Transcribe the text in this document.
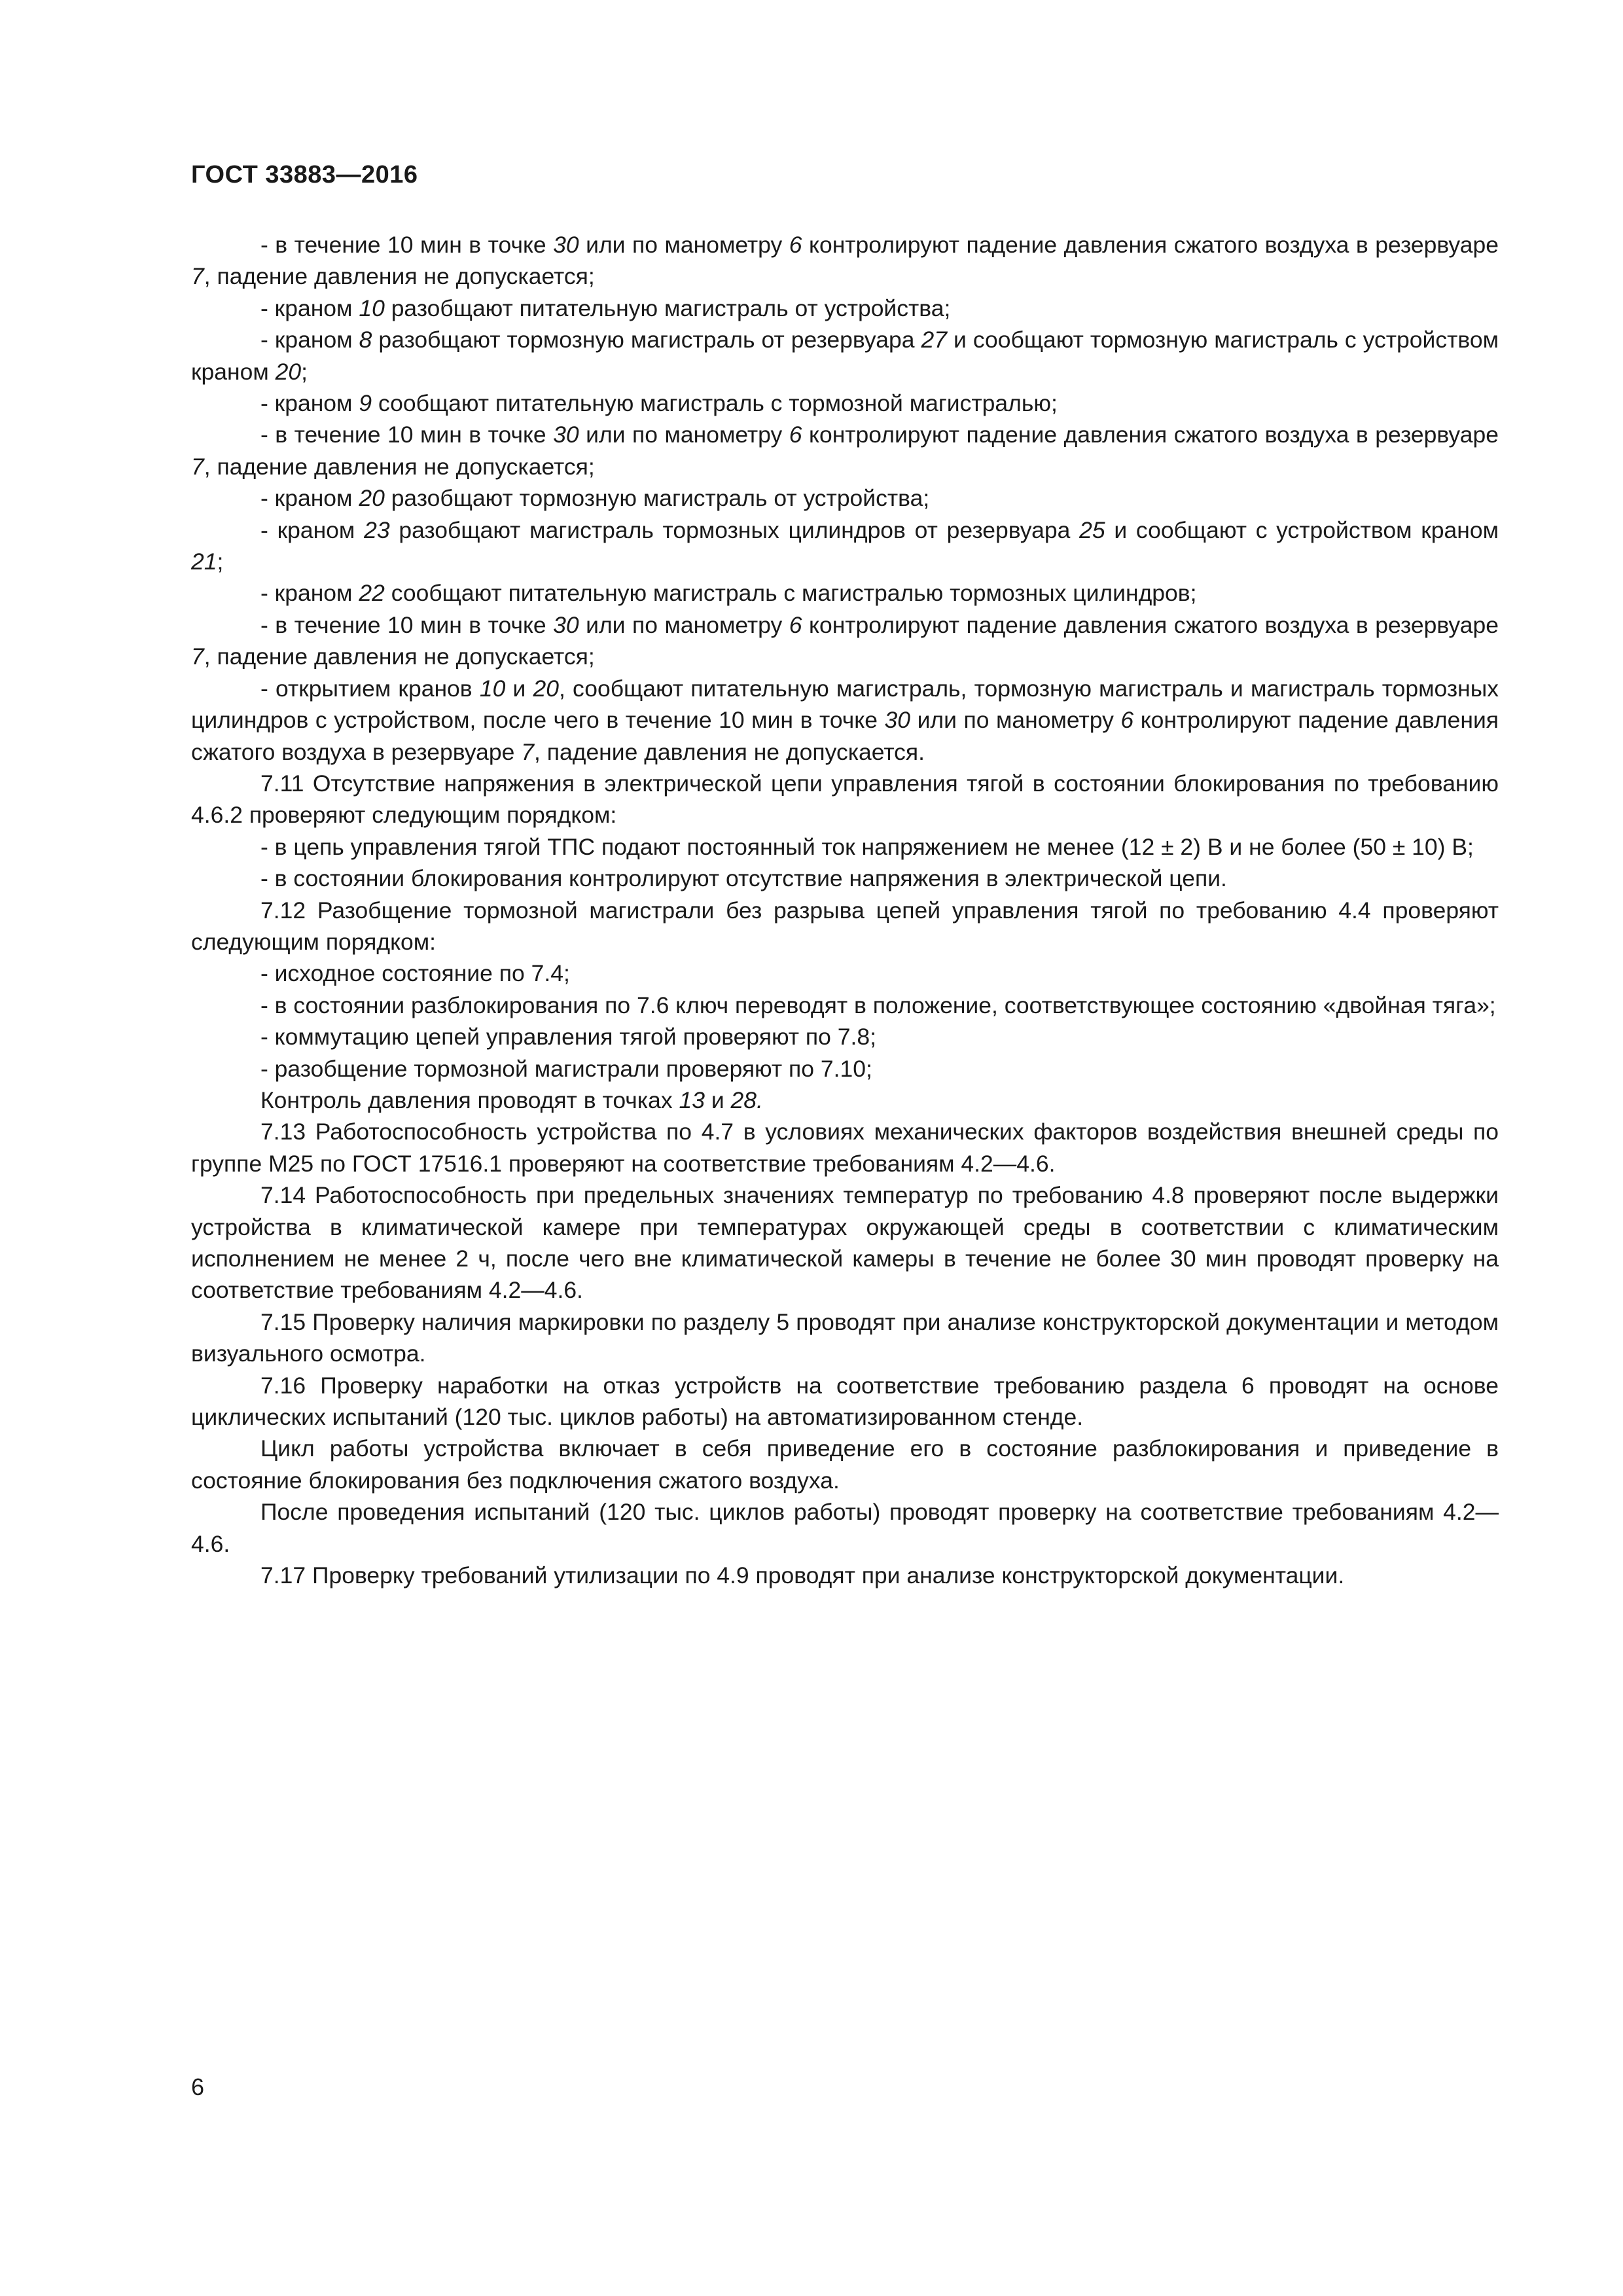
ГОСТ 33883—2016

- в течение 10 мин в точке 30 или по манометру 6 контролируют падение давления сжатого воздуха в резервуаре 7, падение давления не допускается;

- краном 10 разобщают питательную магистраль от устройства;

- краном 8 разобщают тормозную магистраль от резервуара 27 и сообщают тормозную магистраль с устройством краном 20;

- краном 9 сообщают питательную магистраль с тормозной магистралью;

- в течение 10 мин в точке 30 или по манометру 6 контролируют падение давления сжатого воздуха в резервуаре 7, падение давления не допускается;

- краном 20 разобщают тормозную магистраль от устройства;

- краном 23 разобщают магистраль тормозных цилиндров от резервуара 25 и сообщают с устройством краном 21;

- краном 22 сообщают питательную магистраль с магистралью тормозных цилиндров;

- в течение 10 мин в точке 30 или по манометру 6 контролируют падение давления сжатого воздуха в резервуаре 7, падение давления не допускается;

- открытием кранов 10 и 20, сообщают питательную магистраль, тормозную магистраль и магистраль тормозных цилиндров с устройством, после чего в течение 10 мин в точке 30 или по манометру 6 контролируют падение давления сжатого воздуха в резервуаре 7, падение давления не допускается.

7.11 Отсутствие напряжения в электрической цепи управления тягой в состоянии блокирования по требованию 4.6.2 проверяют следующим порядком:

- в цепь управления тягой ТПС подают постоянный ток напряжением не менее (12 ± 2) В и не более (50 ± 10) В;

- в состоянии блокирования контролируют отсутствие напряжения в электрической цепи.

7.12 Разобщение тормозной магистрали без разрыва цепей управления тягой по требованию 4.4 проверяют следующим порядком:

- исходное состояние по 7.4;

- в состоянии разблокирования по 7.6 ключ переводят в положение, соответствующее состоянию «двойная тяга»;

- коммутацию цепей управления тягой проверяют по 7.8;

- разобщение тормозной магистрали проверяют по 7.10;

Контроль давления проводят в точках 13 и 28.

7.13 Работоспособность устройства по 4.7 в условиях механических факторов воздействия внешней среды по группе М25 по ГОСТ 17516.1 проверяют на соответствие требованиям 4.2—4.6.

7.14 Работоспособность при предельных значениях температур по требованию 4.8 проверяют после выдержки устройства в климатической камере при температурах окружающей среды в соответствии с климатическим исполнением не менее 2 ч, после чего вне климатической камеры в течение не более 30 мин проводят проверку на соответствие требованиям 4.2—4.6.

7.15 Проверку наличия маркировки по разделу 5 проводят при анализе конструкторской документации и методом визуального осмотра.

7.16 Проверку наработки на отказ устройств на соответствие требованию раздела 6 проводят на основе циклических испытаний (120 тыс. циклов работы) на автоматизированном стенде.

Цикл работы устройства включает в себя приведение его в состояние разблокирования и приведение в состояние блокирования без подключения сжатого воздуха.

После проведения испытаний (120 тыс. циклов работы) проводят проверку на соответствие требованиям 4.2—4.6.

7.17 Проверку требований утилизации по 4.9 проводят при анализе конструкторской документации.

6
